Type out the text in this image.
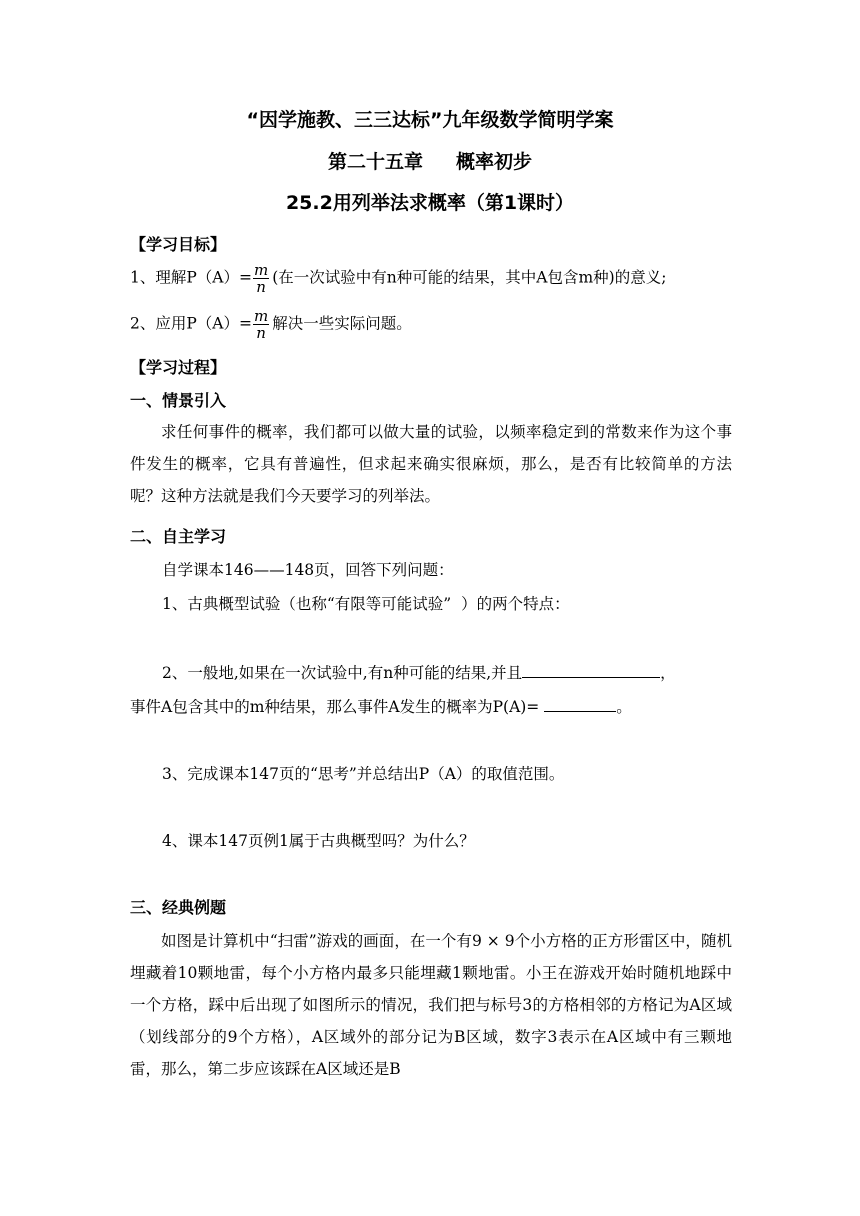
“因学施教、三三达标”九年级数学简明学案
第二十五章     概率初步
25.2用列举法求概率（第1课时）
【学习目标】
1、理解$P(A)= \frac{m}{n}$ (在一次试验中有n种可能的结果，其中A包含m种)的意义;
2、应用$P(A)= \frac{m}{n}$ 解决一些实际问题。
【学习过程】
一、情景引入
求任何事件的概率，我们都可以做大量的试验，以频率稳定到的常数来作为这个事件发生的概率，它具有普遍性，但求起来确实很麻烦，那么，是否有比较简单的方法呢？这种方法就是我们今天要学习的列举法。
二、自主学习
自学课本146——148页，回答下列问题：
1、古典概型试验（也称“有限等可能试验”  ）的两个特点：
2、一般地,如果在一次试验中,有n种可能的结果,并且	，
事件A包含其中的m种结果，那么事件A发生的概率为P(A)=	。
3、完成课本147页的“思考”并总结出P（A）的取值范围。
4、课本147页例1属于古典概型吗？为什么？
三、经典例题
如图是计算机中“扫雷”游戏的画面，在一个有9 × 9个小方格的正方形雷区中，随机埋藏着10颗地雷，每个小方格内最多只能埋藏1颗地雷。小王在游戏开始时随机地踩中一个方格，踩中后出现了如图所示的情况，我们把与标号3的方格相邻的方格记为A区域（划线部分的9个方格），A区域外的部分记为B区域，数字3表示在A区域中有三颗地雷，那么，第二步应该踩在A区域还是B
